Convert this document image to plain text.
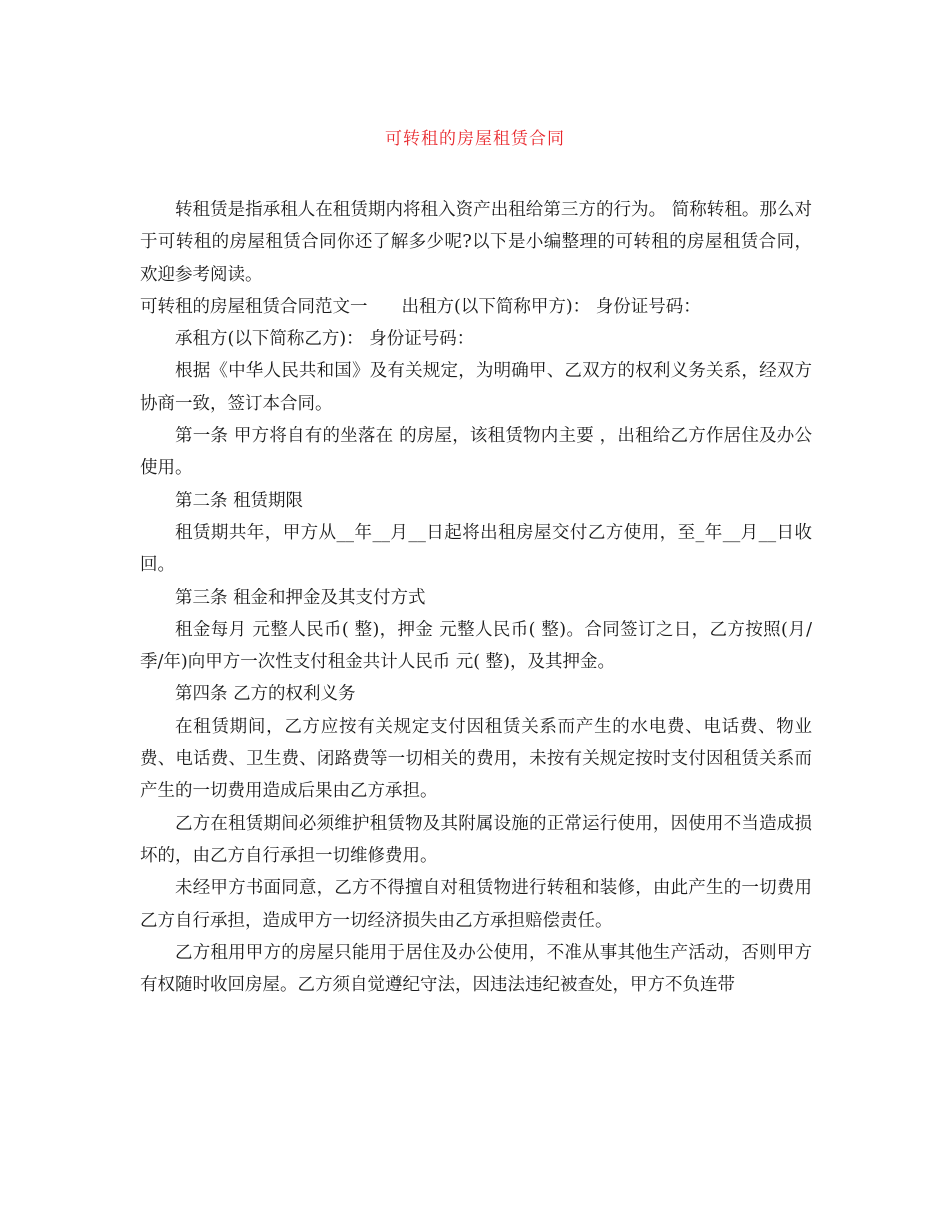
可转租的房屋租赁合同

转租赁是指承租人在租赁期内将租入资产出租给第三方的行为。 简称转租。那么对于可转租的房屋租赁合同你还了解多少呢?以下是小编整理的可转租的房屋租赁合同，欢迎参考阅读。

可转租的房屋租赁合同范文一 出租方(以下简称甲方)： 身份证号码：

承租方(以下简称乙方)： 身份证号码：

根据《中华人民共和国》及有关规定，为明确甲、乙双方的权利义务关系，经双方协商一致，签订本合同。

第一条 甲方将自有的坐落在 的房屋，该租赁物内主要 ，出租给乙方作居住及办公使用。

第二条 租赁期限

租赁期共年，甲方从__年__月__日起将出租房屋交付乙方使用，至_年__月__日收回。

第三条 租金和押金及其支付方式

租金每月 元整人民币( 整)，押金 元整人民币( 整)。合同签订之日，乙方按照(月/季/年)向甲方一次性支付租金共计人民币 元( 整)，及其押金。

第四条 乙方的权利义务

在租赁期间，乙方应按有关规定支付因租赁关系而产生的水电费、电话费、物业费、电话费、卫生费、闭路费等一切相关的费用，未按有关规定按时支付因租赁关系而产生的一切费用造成后果由乙方承担。

乙方在租赁期间必须维护租赁物及其附属设施的正常运行使用，因使用不当造成损坏的，由乙方自行承担一切维修费用。

未经甲方书面同意，乙方不得擅自对租赁物进行转租和装修，由此产生的一切费用乙方自行承担，造成甲方一切经济损失由乙方承担赔偿责任。

乙方租用甲方的房屋只能用于居住及办公使用，不准从事其他生产活动，否则甲方有权随时收回房屋。乙方须自觉遵纪守法，因违法违纪被查处，甲方不负连带
